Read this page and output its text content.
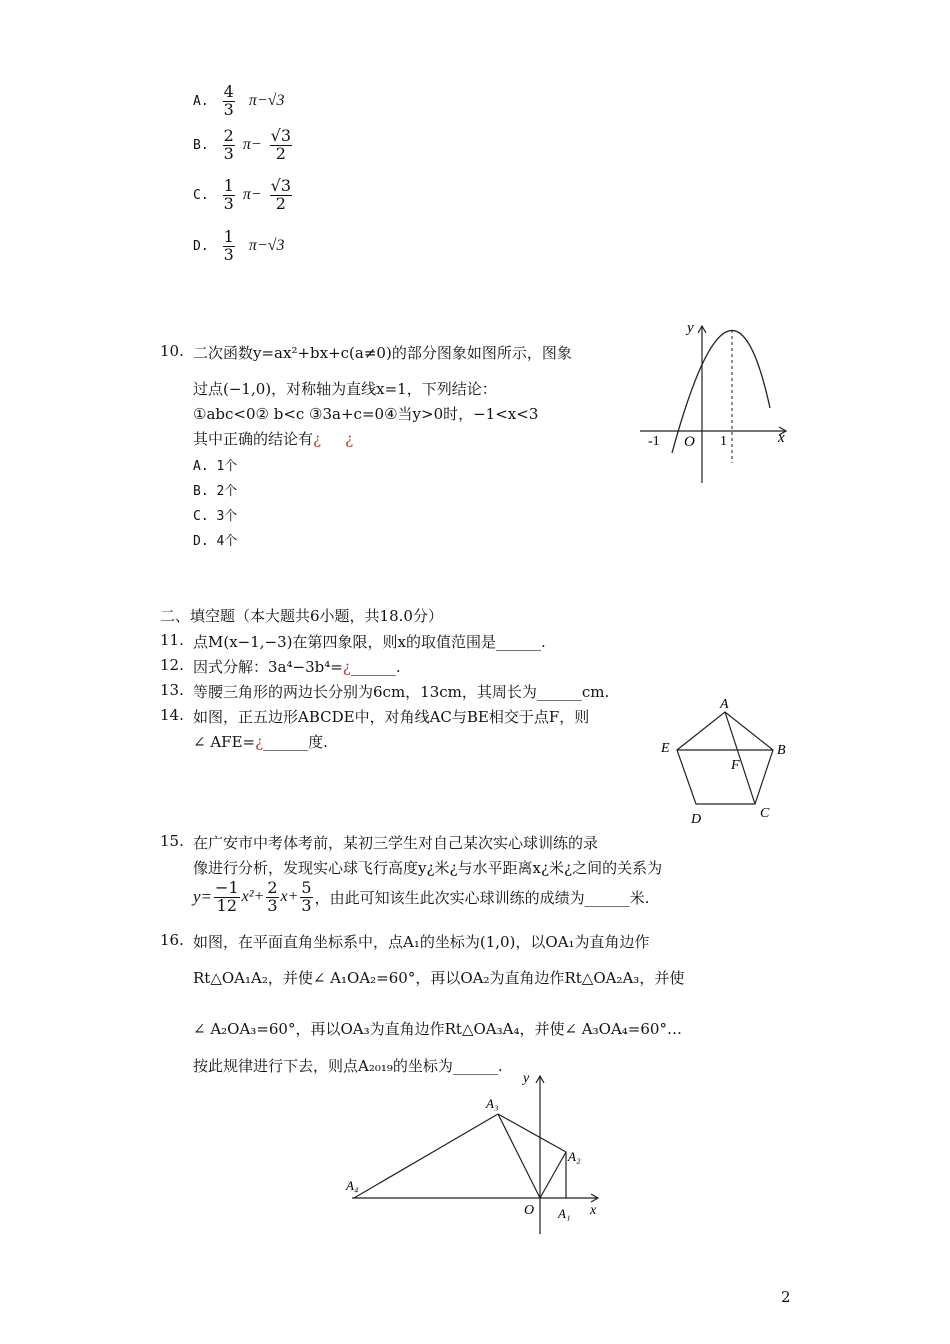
A. $\frac{4}{3} \pi-√3$
B. $\frac{2}{3} \pi- \frac{√3}{2}$
C. $\frac{1}{3} \pi- \frac{√3}{2}$
D. $\frac{1}{3} \pi-√3$
10. 二次函数y=ax²+bx+c(a≠0)的部分图象如图所示，图象
过点(−1,0)，对称轴为直线x=1，下列结论：
①abc<0② b<c ③3a+c=0④当y>0时，−1<x<3
其中正确的结论有¿ ¿
A. 1个
B. 2个
C. 3个
D. 4个
y
x
O
-1	1
二、填空题（本大题共6小题，共18.0分）
11. 点M(x−1,−3)在第四象限，则x的取值范围是______.
12. 因式分解：3a⁴−3b⁴=¿______.
13. 等腰三角形的两边长分别为6cm，13cm，其周长为______cm.
14. 如图，正五边形ABCDE中，对角线AC与BE相交于点F，则
∠ AFE=¿______度.
A
B
C
D
E
F
15. 在广安市中考体考前，某初三学生对自己某次实心球训练的录
像进行分析，发现实心球飞行高度y¿米¿与水平距离x¿米¿之间的关系为
$y= \frac{-1}{12} x^2+ \frac{2}{3} x+ \frac{5}{3}$ ，由此可知该生此次实心球训练的成绩为______米.
16. 如图，在平面直角坐标系中，点A₁的坐标为(1,0)，以OA₁为直角边作
Rt△OA₁A₂，并使∠ A₁OA₂=60°，再以OA₂为直角边作Rt△OA₂A₃，并使
∠ A₂OA₃=60°，再以OA₃为直角边作Rt△OA₃A₄，并使∠ A₃OA₄=60°…
按此规律进行下去，则点A₂₀₁₉的坐标为______.
y
x
O A₁
A₂
A₃
A₄
2
